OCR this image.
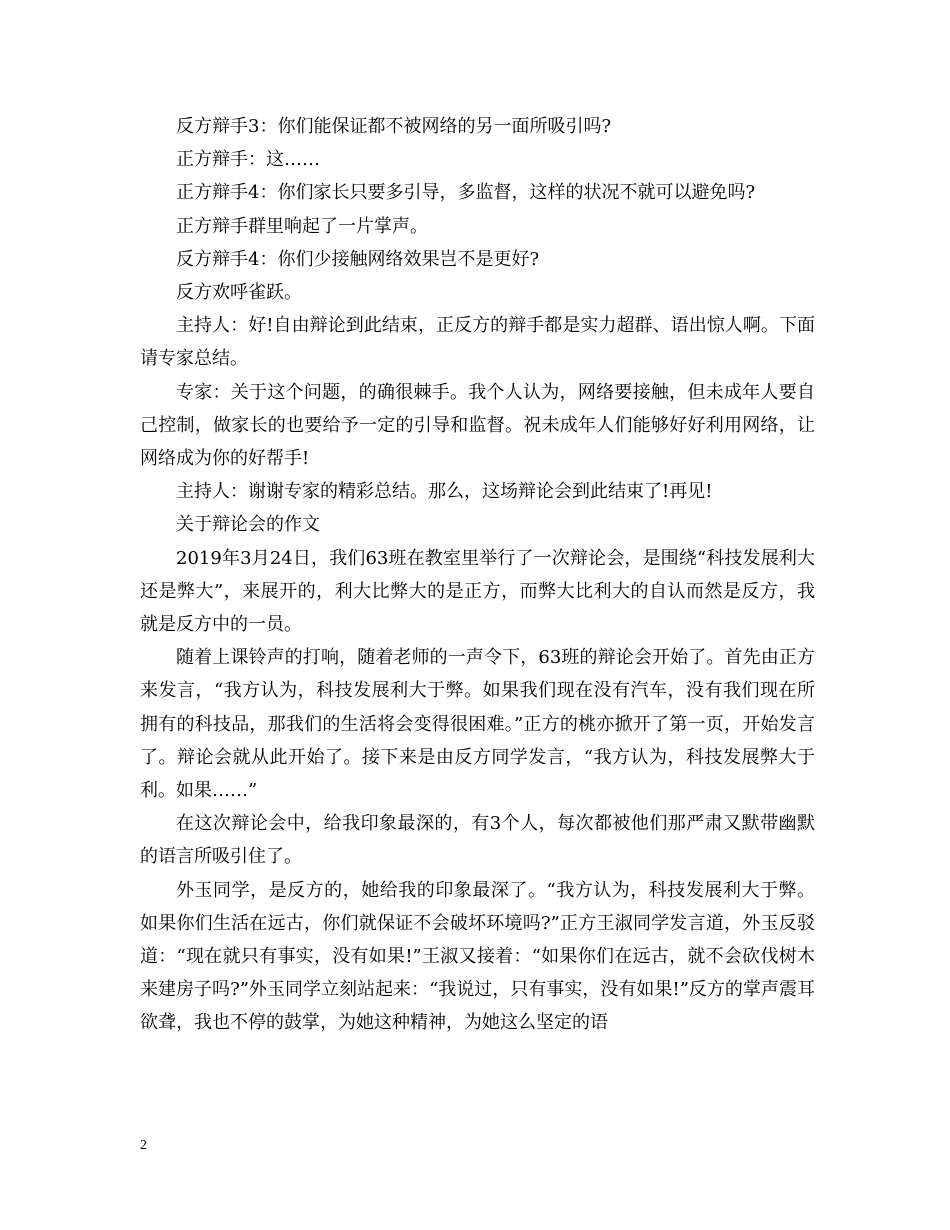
反方辩手3：你们能保证都不被网络的另一面所吸引吗?

正方辩手：这……

正方辩手4：你们家长只要多引导，多监督，这样的状况不就可以避免吗?

正方辩手群里响起了一片掌声。

反方辩手4：你们少接触网络效果岂不是更好?

反方欢呼雀跃。

主持人：好!自由辩论到此结束，正反方的辩手都是实力超群、语出惊人啊。下面请专家总结。

专家：关于这个问题，的确很棘手。我个人认为，网络要接触，但未成年人要自己控制，做家长的也要给予一定的引导和监督。祝未成年人们能够好好利用网络，让网络成为你的好帮手!

主持人：谢谢专家的精彩总结。那么，这场辩论会到此结束了!再见!

关于辩论会的作文

2019年3月24日，我们63班在教室里举行了一次辩论会，是围绕“科技发展利大还是弊大”，来展开的，利大比弊大的是正方，而弊大比利大的自认而然是反方，我就是反方中的一员。

随着上课铃声的打响，随着老师的一声令下，63班的辩论会开始了。首先由正方来发言，“我方认为，科技发展利大于弊。如果我们现在没有汽车，没有我们现在所拥有的科技品，那我们的生活将会变得很困难。”正方的桃亦掀开了第一页，开始发言了。辩论会就从此开始了。接下来是由反方同学发言，“我方认为，科技发展弊大于利。如果……”

在这次辩论会中，给我印象最深的，有3个人，每次都被他们那严肃又默带幽默的语言所吸引住了。

外玉同学，是反方的，她给我的印象最深了。“我方认为，科技发展利大于弊。如果你们生活在远古，你们就保证不会破坏环境吗?”正方王淑同学发言道，外玉反驳道：“现在就只有事实，没有如果!”王淑又接着：“如果你们在远古，就不会砍伐树木来建房子吗?”外玉同学立刻站起来：“我说过，只有事实，没有如果!”反方的掌声震耳欲聋，我也不停的鼓掌，为她这种精神，为她这么坚定的语

2
